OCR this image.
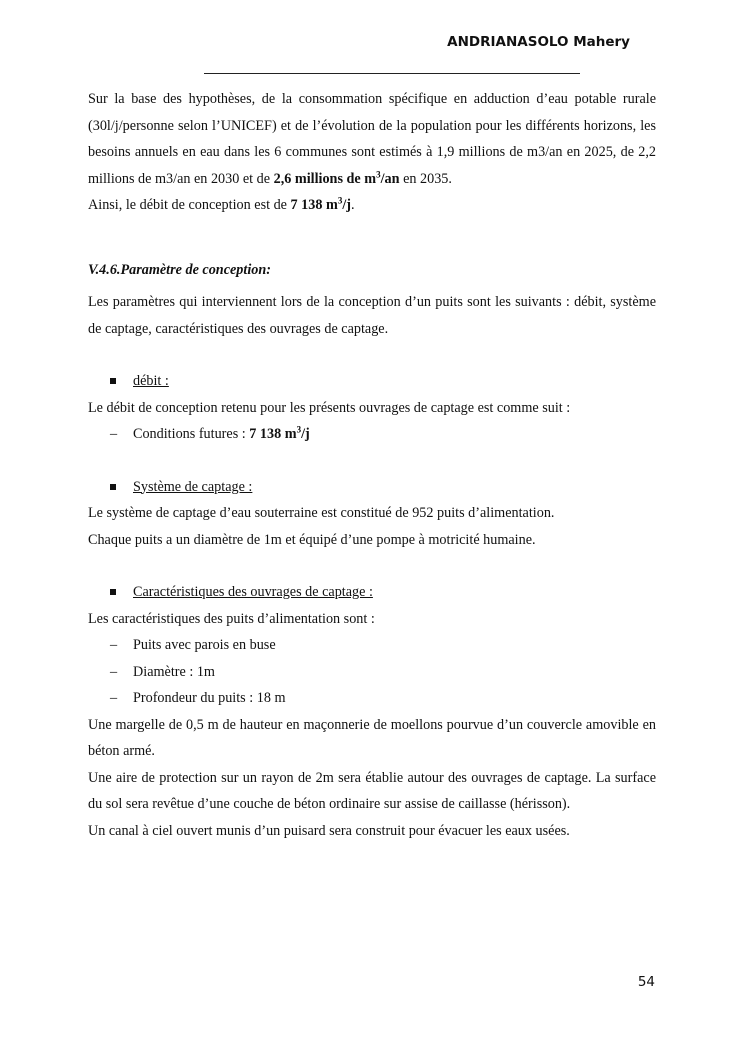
ANDRIANASOLO Mahery

Sur la base des hypothèses, de la consommation spécifique en adduction d’eau potable rurale (30l/j/personne selon l’UNICEF) et de l’évolution de la population pour les différents horizons, les besoins annuels en eau dans les 6 communes sont estimés à 1,9 millions de m3/an en 2025, de 2,2 millions de m3/an en 2030 et de 2,6 millions de $m^3/an$ en 2035.

Ainsi, le débit de conception est de 7 138 $m^3/j$.

V.4.6.Paramètre de conception:

Les paramètres qui interviennent lors de la conception d’un puits sont les suivants : débit, système de captage, caractéristiques des ouvrages de captage.

débit :

Le débit de conception retenu pour les présents ouvrages de captage est comme suit :

–	Conditions futures : 7 138 $m^3/j$
Système de captage :

Le système de captage d’eau souterraine est constitué de 952 puits d’alimentation.

Chaque puits a un diamètre de 1m et équipé d’une pompe à motricité humaine.

Caractéristiques des ouvrages de captage :

Les caractéristiques des puits d’alimentation sont :

–	Puits avec parois en buse
–	Diamètre : 1m
–	Profondeur du puits : 18 m

Une margelle de 0,5 m de hauteur en maçonnerie de moellons pourvue d’un couvercle amovible en béton armé.

Une aire de protection sur un rayon de 2m sera établie autour des ouvrages de captage. La surface du sol sera revêtue d’une couche de béton ordinaire sur assise de caillasse (hérisson).

Un canal à ciel ouvert munis d’un puisard sera construit pour évacuer les eaux usées.

54
